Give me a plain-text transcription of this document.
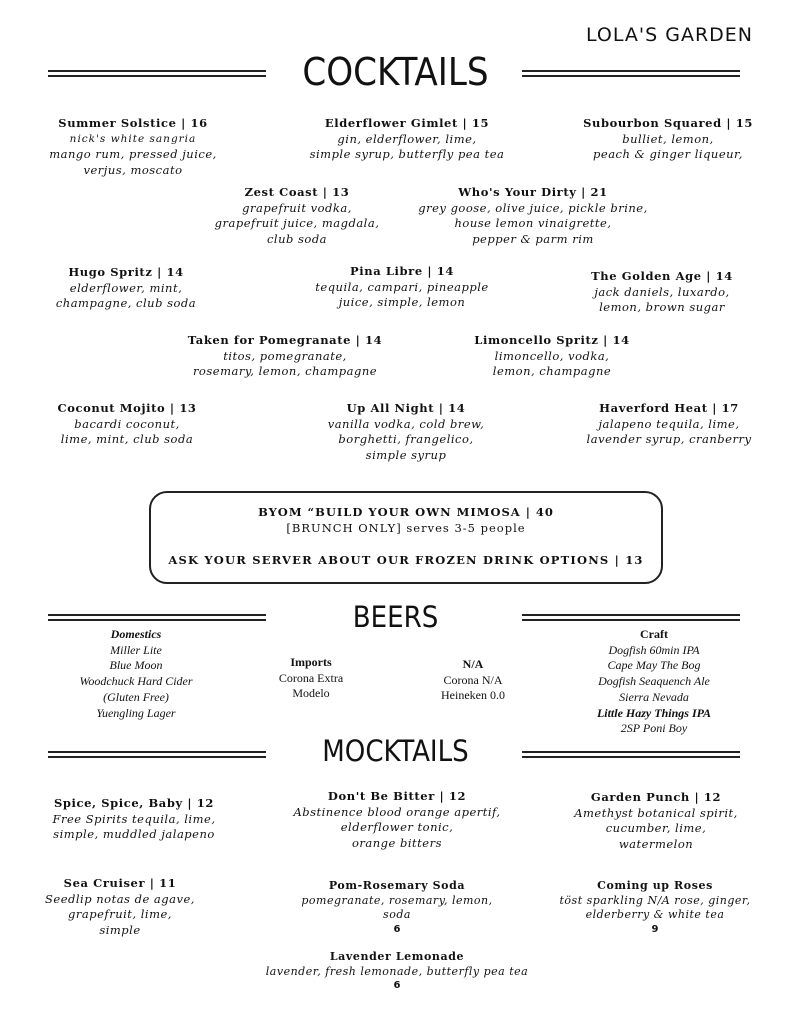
LOLA'S GARDEN
COCKTAILS
Summer Solstice | 16
nick's white sangria
mango rum, pressed juice,
verjus, moscato
Elderflower Gimlet | 15
gin, elderflower, lime,
simple syrup, butterfly pea tea
Subourbon Squared | 15
bulliet, lemon,
peach & ginger liqueur,
Zest Coast | 13
grapefruit vodka,
grapefruit juice, magdala,
club soda
Who's Your Dirty | 21
grey goose, olive juice, pickle brine,
house lemon vinaigrette,
pepper & parm rim
Hugo Spritz | 14
elderflower, mint,
champagne, club soda
Pina Libre | 14
tequila, campari, pineapple
juice, simple, lemon
The Golden Age | 14
jack daniels, luxardo,
lemon, brown sugar
Taken for Pomegranate | 14
titos, pomegranate,
rosemary, lemon, champagne
Limoncello Spritz | 14
limoncello, vodka,
lemon, champagne
Coconut Mojito | 13
bacardi coconut,
lime, mint, club soda
Up All Night | 14
vanilla vodka, cold brew,
borghetti, frangelico,
simple syrup
Haverford Heat | 17
jalapeno tequila, lime,
lavender syrup, cranberry
BYOM “BUILD YOUR OWN MIMOSA | 40
[BRUNCH ONLY] serves 3-5 people
ASK YOUR SERVER ABOUT OUR FROZEN DRINK OPTIONS | 13
BEERS
Domestics
Miller Lite
Blue Moon
Woodchuck Hard Cider
(Gluten Free)
Yuengling Lager
Imports
Corona Extra
Modelo
N/A
Corona N/A
Heineken 0.0
Craft
Dogfish 60min IPA
Cape May The Bog
Dogfish Seaquench Ale
Sierra Nevada
Little Hazy Things IPA
2SP Poni Boy
MOCKTAILS
Spice, Spice, Baby | 12
Free Spirits tequila, lime,
simple, muddled jalapeno
Don't Be Bitter | 12
Abstinence blood orange apertif,
elderflower tonic,
orange bitters
Garden Punch | 12
Amethyst botanical spirit,
cucumber, lime,
watermelon
Sea Cruiser | 11
Seedlip notas de agave,
grapefruit, lime,
simple
Pom-Rosemary Soda
pomegranate, rosemary, lemon,
soda
6
Coming up Roses
töst sparkling N/A rose, ginger,
elderberry & white tea
9
Lavender Lemonade
lavender, fresh lemonade, butterfly pea tea
6
